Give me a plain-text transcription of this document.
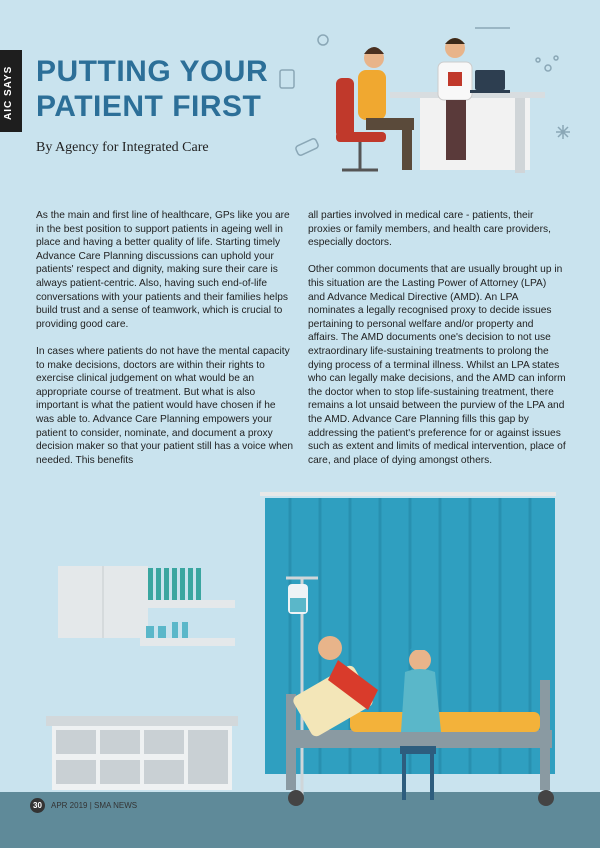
AIC SAYS PUTTING YOUR
PATIENT FIRST
By Agency for Integrated Care

As the main and first line of healthcare, GPs like you are in the best position to support patients in ageing well in place and having a better quality of life. Starting timely Advance Care Planning discussions can uphold your patients' respect and dignity, making sure their care is always patient-centric. Also, having such end-of-life conversations with your patients and their families helps build trust and a sense of teamwork, which is crucial to providing good care.

In cases where patients do not have the mental capacity to make decisions, doctors are within their rights to exercise clinical judgement on what would be an appropriate course of treatment. But what is also important is what the patient would have chosen if he was able to. Advance Care Planning empowers your patient to consider, nominate, and document a proxy decision maker so that your patient still has a voice when needed. This benefits

all parties involved in medical care - patients, their proxies or family members, and health care providers, especially doctors.

Other common documents that are usually brought up in this situation are the Lasting Power of Attorney (LPA) and Advance Medical Directive (AMD). An LPA nominates a legally recognised proxy to decide issues pertaining to personal welfare and/or property and affairs. The AMD documents one's decision to not use extraordinary life-sustaining treatments to prolong the dying process of a terminal illness. Whilst an LPA states who can legally make decisions, and the AMD can inform the doctor when to stop life-sustaining treatment, there remains a lot unsaid between the purview of the LPA and the AMD. Advance Care Planning fills this gap by addressing the patient's preference for or against issues such as extent and limits of medical intervention, place of care, and place of dying amongst others.

30	APR 2019 | SMA NEWS
